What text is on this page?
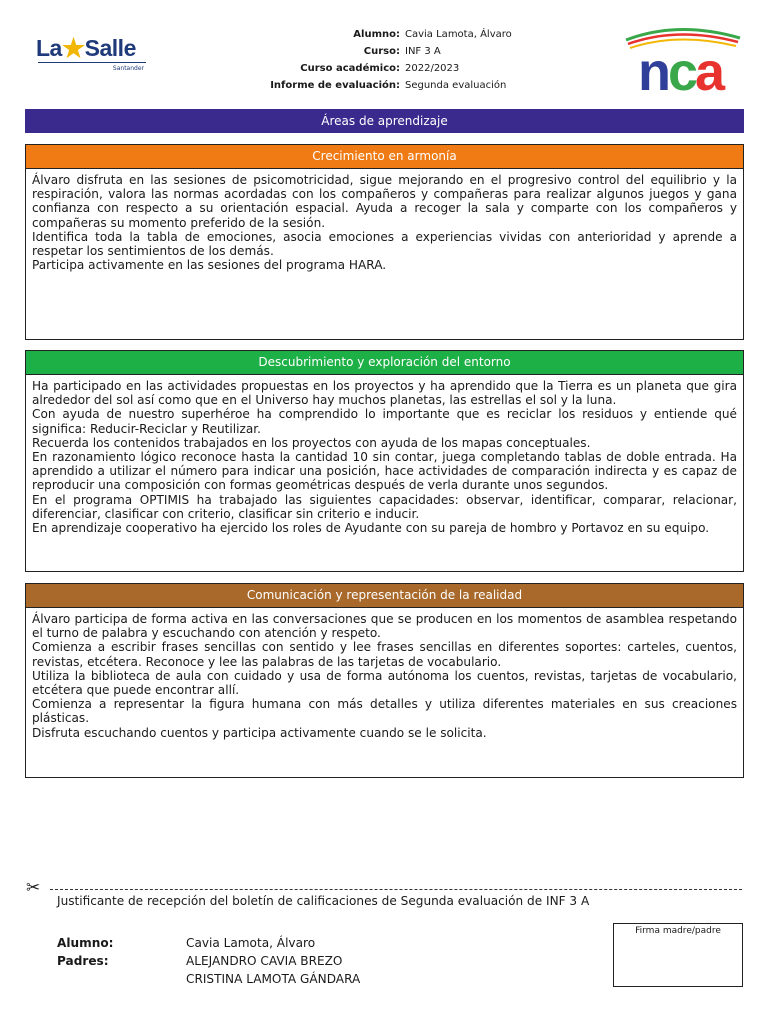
La★Salle
Santander
Alumno: Cavia Lamota, Álvaro
Curso: INF 3 A
Curso académico: 2022/2023
Informe de evaluación: Segunda evaluación	nca
Áreas de aprendizaje
Crecimiento en armonía

Álvaro disfruta en las sesiones de psicomotricidad, sigue mejorando en el progresivo control del equilibrio y la respiración, valora las normas acordadas con los compañeros y compañeras para realizar algunos juegos y gana confianza con respecto a su orientación espacial. Ayuda a recoger la sala y comparte con los compañeros y compañeras su momento preferido de la sesión.

Identifica toda la tabla de emociones, asocia emociones a experiencias vividas con anterioridad y aprende a respetar los sentimientos de los demás.

Participa activamente en las sesiones del programa HARA.

Descubrimiento y exploración del entorno

Ha participado en las actividades propuestas en los proyectos y ha aprendido que la Tierra es un planeta que gira alrededor del sol así como que en el Universo hay muchos planetas, las estrellas el sol y la luna.

Con ayuda de nuestro superhéroe ha comprendido lo importante que es reciclar los residuos y entiende qué significa: Reducir-Reciclar y Reutilizar.

Recuerda los contenidos trabajados en los proyectos con ayuda de los mapas conceptuales.

En razonamiento lógico reconoce hasta la cantidad 10 sin contar, juega completando tablas de doble entrada. Ha aprendido a utilizar el número para indicar una posición, hace actividades de comparación indirecta y es capaz de reproducir una composición con formas geométricas después de verla durante unos segundos.

En el programa OPTIMIS ha trabajado las siguientes capacidades: observar, identificar, comparar, relacionar, diferenciar, clasificar con criterio, clasificar sin criterio e inducir.

En aprendizaje cooperativo ha ejercido los roles de Ayudante con su pareja de hombro y Portavoz en su equipo.

Comunicación y representación de la realidad

Álvaro participa de forma activa en las conversaciones que se producen en los momentos de asamblea respetando el turno de palabra y escuchando con atención y respeto.

Comienza a escribir frases sencillas con sentido y lee frases sencillas en diferentes soportes: carteles, cuentos, revistas, etcétera. Reconoce y lee las palabras de las tarjetas de vocabulario.

Utiliza la biblioteca de aula con cuidado y usa de forma autónoma los cuentos, revistas, tarjetas de vocabulario, etcétera que puede encontrar allí.

Comienza a representar la figura humana con más detalles y utiliza diferentes materiales en sus creaciones plásticas.

Disfruta escuchando cuentos y participa activamente cuando se le solicita.

✂
Justificante de recepción del boletín de calificaciones de Segunda evaluación de INF 3 A
Firma madre/padre
Alumno:	Cavia Lamota, Álvaro
Padres:	ALEJANDRO CAVIA BREZO
CRISTINA LAMOTA GÁNDARA
